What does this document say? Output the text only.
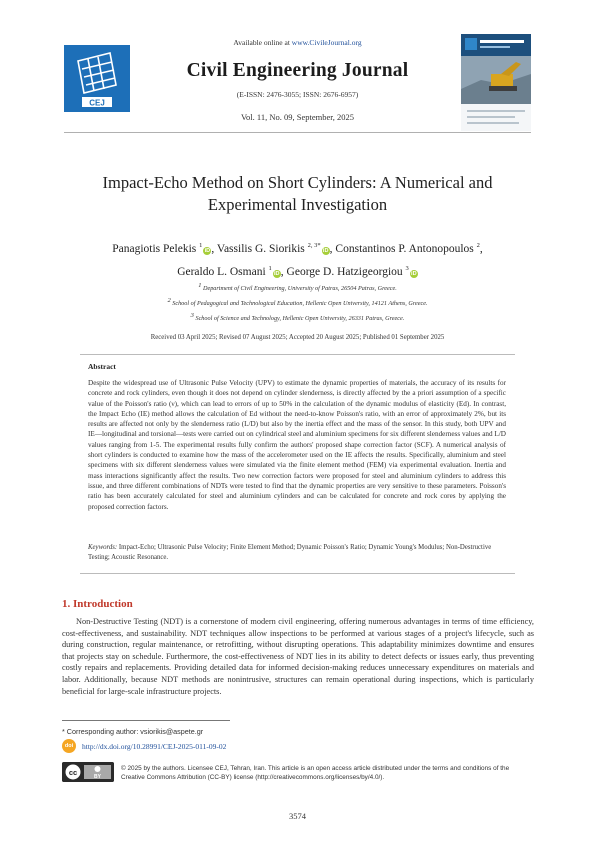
Available online at www.CivileJournal.org
CEJ
Civil Engineering Journal
(E-ISSN: 2476-3055; ISSN: 2676-6957)
Vol. 11, No. 09, September, 2025
Impact-Echo Method on Short Cylinders: A Numerical and Experimental Investigation
Panagiotis Pelekis $^1$iD, Vassilis G. Siorikis $^{2, 3*}$iD, Constantinos P. Antonopoulos $^2$,
Geraldo L. Osmani $^1$iD, George D. Hatzigeorgiou $^3$iD
$^1$ Department of Civil Engineering, University of Patras, 26504 Patras, Greece.
$^2$ School of Pedagogical and Technological Education, Hellenic Open University, 14121 Athens, Greece.
$^3$ School of Science and Technology, Hellenic Open University, 26331 Patras, Greece.
Received 03 April 2025; Revised 07 August 2025; Accepted 20 August 2025; Published 01 September 2025
Abstract
Despite the widespread use of Ultrasonic Pulse Velocity (UPV) to estimate the dynamic properties of materials, the accuracy of its results for concrete and rock cylinders, even though it does not depend on cylinder slenderness, is directly affected by the a priori assumption of a specific value of the Poisson's ratio (ν), which can lead to errors of up to 50% in the calculation of the dynamic modulus of elasticity (Ed). In contrast, the Impact Echo (IE) method allows the calculation of Ed without the need-to-know Poisson's ratio, with an error of approximately 2%, but its results are affected not only by the slenderness ratio (L/D) but also by the inertia effect and the mass of the sensor. In this study, both UPV and IE—longitudinal and torsional—tests were carried out on cylindrical steel and aluminium specimens for six different slenderness values and L/D values ranging from 1-5. The experimental results fully confirm the authors' proposed shape correction factor (SCF). A numerical analysis of short cylinders is conducted to examine how the mass of the accelerometer used on the IE affects the results. Specifically, aluminium and steel specimens with six different slenderness values were simulated via the finite element method (FEM) via experimental evaluation. Inertia and mass interactions significantly affect the results. Two new correction factors were proposed for steel and aluminium cylinders to address this issue, and three different combinations of NDTs were tested to find that the dynamic properties are very sensitive to these parameters. Poisson's ratio has been accurately calculated for steel and aluminium cylinders and can be calculated for concrete and rock cores by applying the proposed correction factors.
Keywords: Impact-Echo; Ultrasonic Pulse Velocity; Finite Element Method; Dynamic Poisson's Ratio; Dynamic Young's Modulus; Non-Destructive Testing; Acoustic Resonance.
1. Introduction
Non-Destructive Testing (NDT) is a cornerstone of modern civil engineering, offering numerous advantages in terms of time efficiency, cost-effectiveness, and sustainability. NDT techniques allow inspections to be performed at various stages of a project's lifecycle, such as during construction, regular maintenance, or retrofitting, without disrupting operations. This adaptability minimizes downtime and ensures that projects stay on schedule. Furthermore, the cost-effectiveness of NDT lies in its ability to detect defects or issues early, thus preventing costly repairs and replacements. Providing detailed data for informed decision-making reduces unnecessary expenditures on materials and labor. Additionally, because NDT methods are nonintrusive, structures can remain operational during inspections, which is particularly beneficial for large-scale infrastructure projects.
* Corresponding author: vsiorikis@aspete.gr
doi	http://dx.doi.org/10.28991/CEJ-2025-011-09-02
cc	BY
© 2025 by the authors. Licensee CEJ, Tehran, Iran. This article is an open access article distributed under the terms and conditions of the Creative Commons Attribution (CC-BY) license (http://creativecommons.org/licenses/by/4.0/).
3574
